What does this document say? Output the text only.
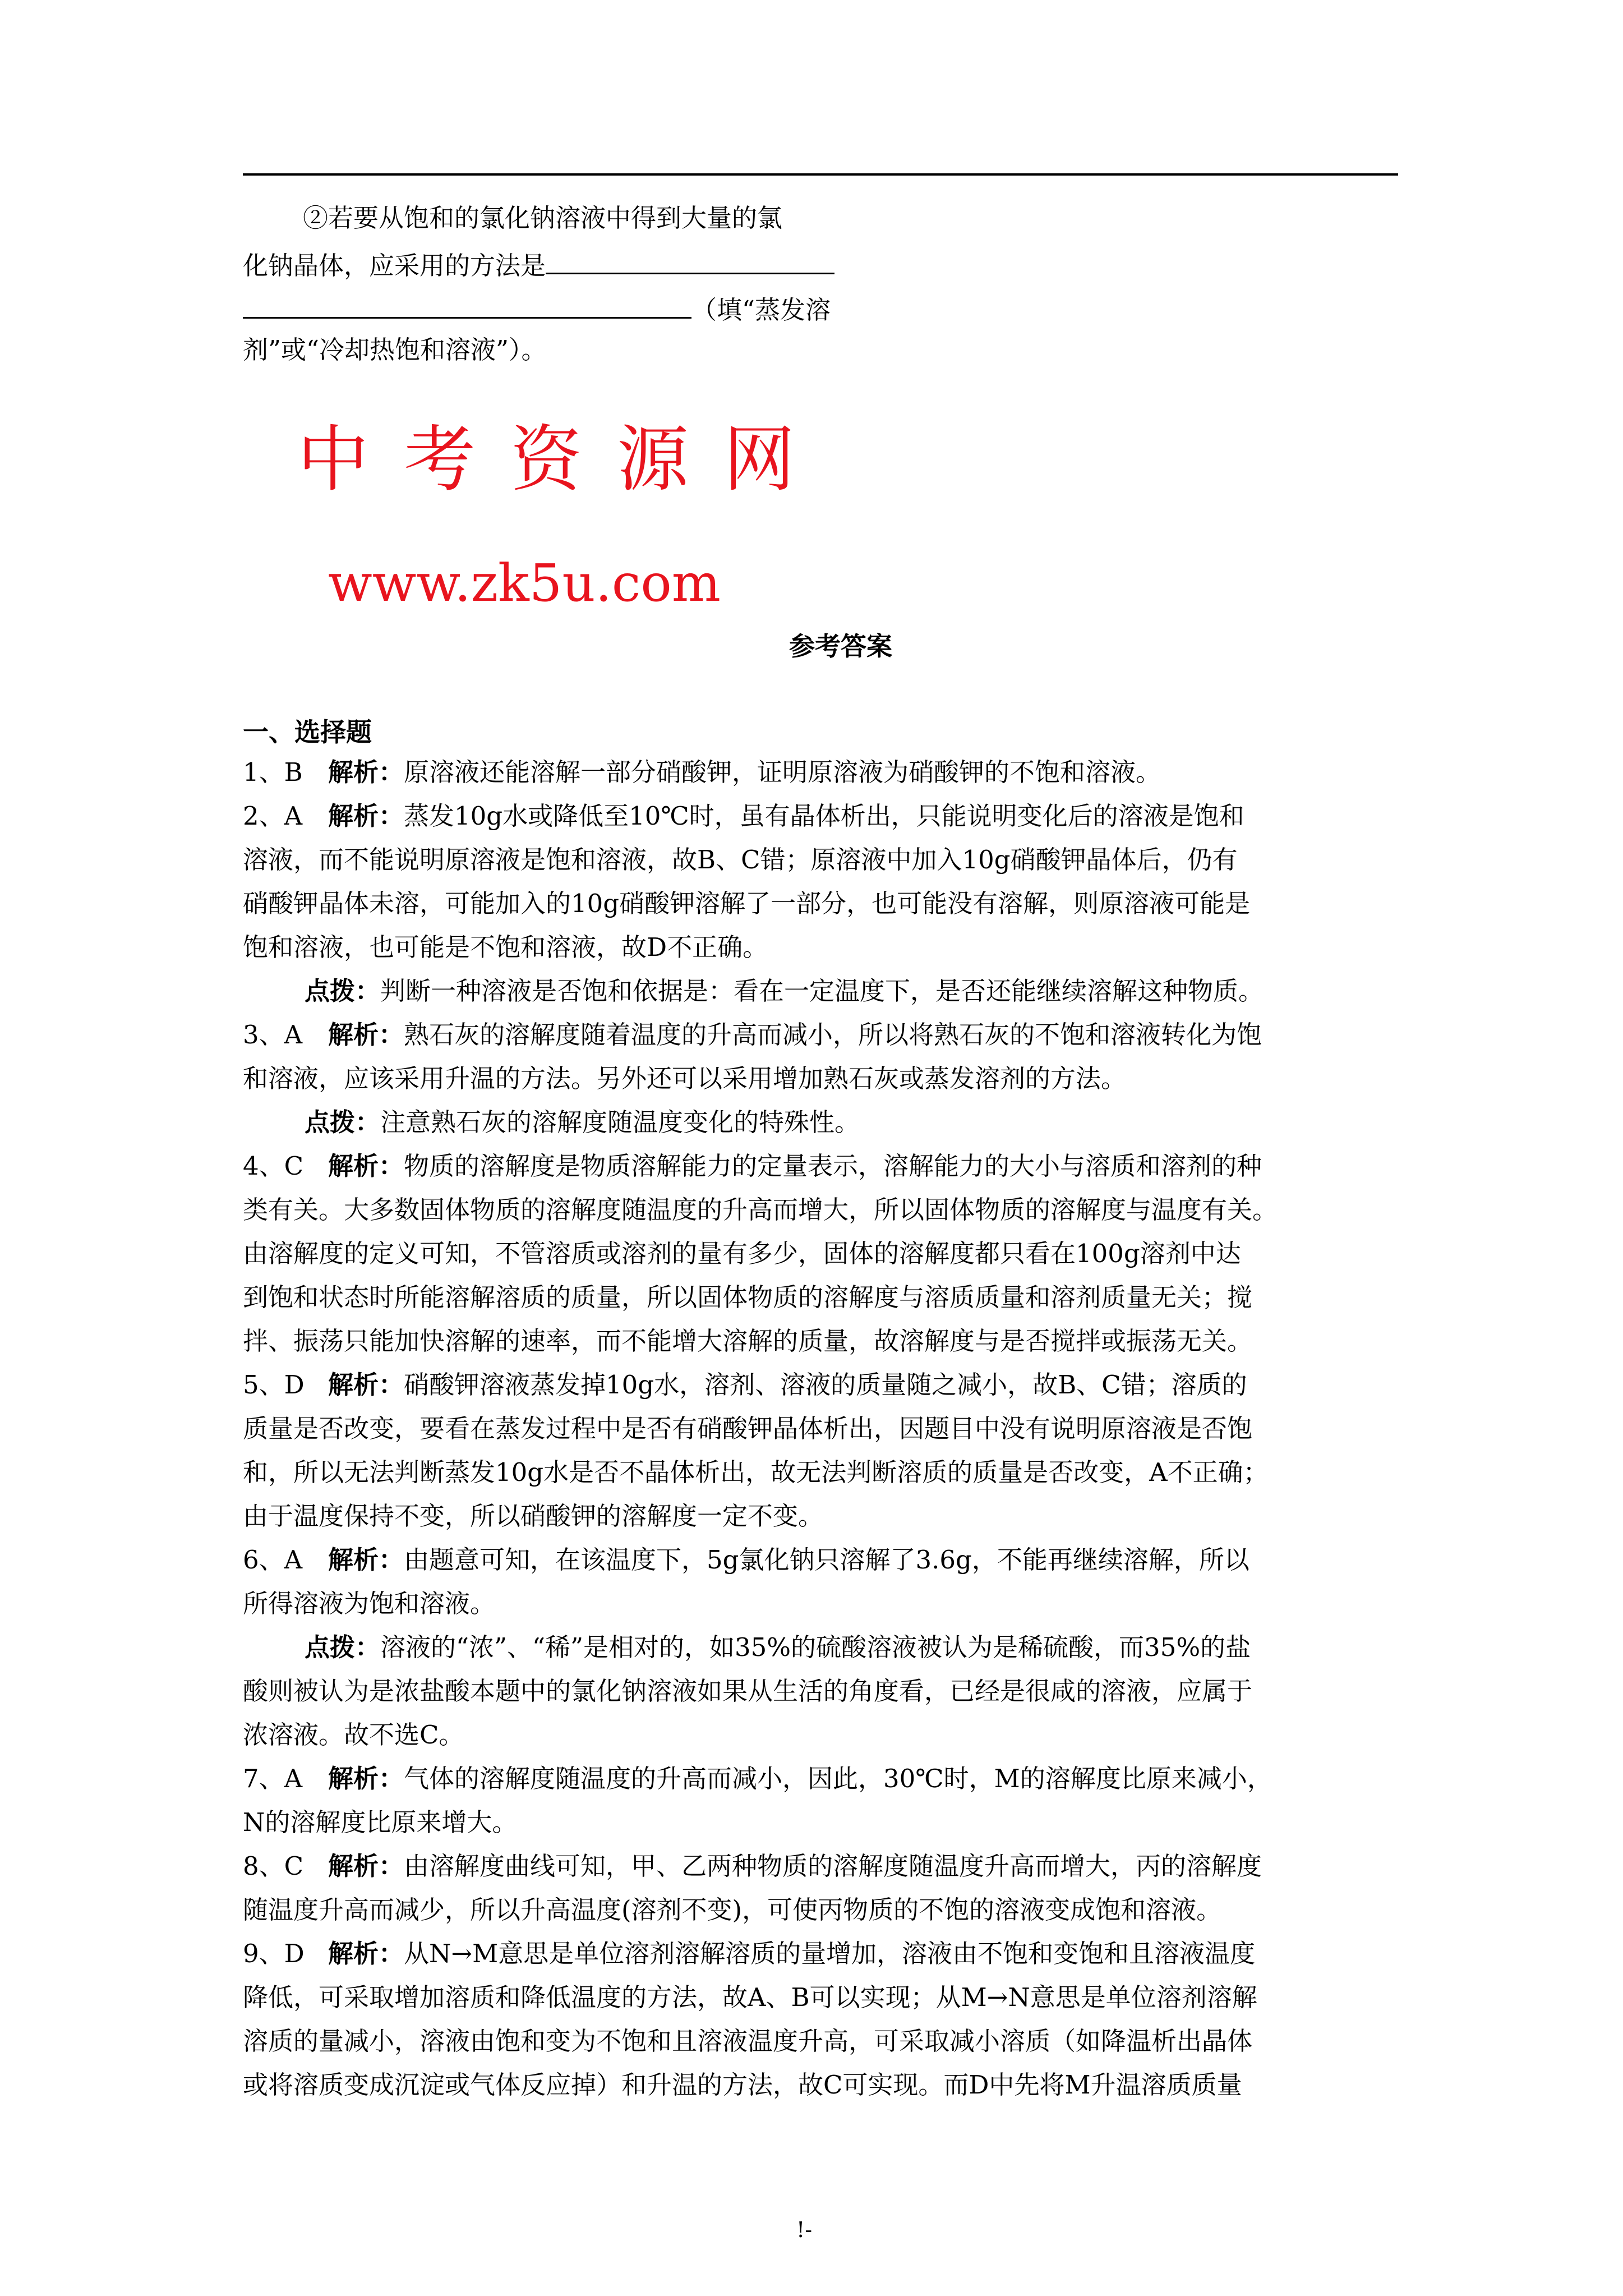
②若要从饱和的氯化钠溶液中得到大量的氯
化钠晶体，应采用的方法是
（填“蒸发溶
剂”或“冷却热饱和溶液”）。
中考资源网
www.zk5u.com
参考答案
一、选择题
1、B 解析：原溶液还能溶解一部分硝酸钾，证明原溶液为硝酸钾的不饱和溶液。
2、A 解析：蒸发10g水或降低至10℃时，虽有晶体析出，只能说明变化后的溶液是饱和
溶液，而不能说明原溶液是饱和溶液，故B、C错；原溶液中加入10g硝酸钾晶体后，仍有
硝酸钾晶体未溶，可能加入的10g硝酸钾溶解了一部分，也可能没有溶解，则原溶液可能是
饱和溶液，也可能是不饱和溶液，故D不正确。
点拨：判断一种溶液是否饱和依据是：看在一定温度下，是否还能继续溶解这种物质。
3、A 解析：熟石灰的溶解度随着温度的升高而减小，所以将熟石灰的不饱和溶液转化为饱
和溶液，应该采用升温的方法。另外还可以采用增加熟石灰或蒸发溶剂的方法。
点拨：注意熟石灰的溶解度随温度变化的特殊性。
4、C 解析：物质的溶解度是物质溶解能力的定量表示，溶解能力的大小与溶质和溶剂的种
类有关。大多数固体物质的溶解度随温度的升高而增大，所以固体物质的溶解度与温度有关。
由溶解度的定义可知，不管溶质或溶剂的量有多少，固体的溶解度都只看在100g溶剂中达
到饱和状态时所能溶解溶质的质量，所以固体物质的溶解度与溶质质量和溶剂质量无关；搅
拌、振荡只能加快溶解的速率，而不能增大溶解的质量，故溶解度与是否搅拌或振荡无关。
5、D 解析：硝酸钾溶液蒸发掉10g水，溶剂、溶液的质量随之减小，故B、C错；溶质的
质量是否改变，要看在蒸发过程中是否有硝酸钾晶体析出，因题目中没有说明原溶液是否饱
和，所以无法判断蒸发10g水是否不晶体析出，故无法判断溶质的质量是否改变，A不正确；
由于温度保持不变，所以硝酸钾的溶解度一定不变。
6、A 解析：由题意可知，在该温度下，5g氯化钠只溶解了3.6g，不能再继续溶解，所以
所得溶液为饱和溶液。
点拨：溶液的“浓”、“稀”是相对的，如35%的硫酸溶液被认为是稀硫酸，而35%的盐
酸则被认为是浓盐酸本题中的氯化钠溶液如果从生活的角度看，已经是很咸的溶液，应属于
浓溶液。故不选C。
7、A 解析：气体的溶解度随温度的升高而减小，因此，30℃时，M的溶解度比原来减小，
N的溶解度比原来增大。
8、C 解析：由溶解度曲线可知，甲、乙两种物质的溶解度随温度升高而增大，丙的溶解度
随温度升高而减少，所以升高温度(溶剂不变)，可使丙物质的不饱的溶液变成饱和溶液。
9、D 解析：从N→M意思是单位溶剂溶解溶质的量增加，溶液由不饱和变饱和且溶液温度
降低，可采取增加溶质和降低温度的方法，故A、B可以实现；从M→N意思是单位溶剂溶解
溶质的量减小，溶液由饱和变为不饱和且溶液温度升高，可采取减小溶质（如降温析出晶体
或将溶质变成沉淀或气体反应掉）和升温的方法，故C可实现。而D中先将M升温溶质质量
!-
